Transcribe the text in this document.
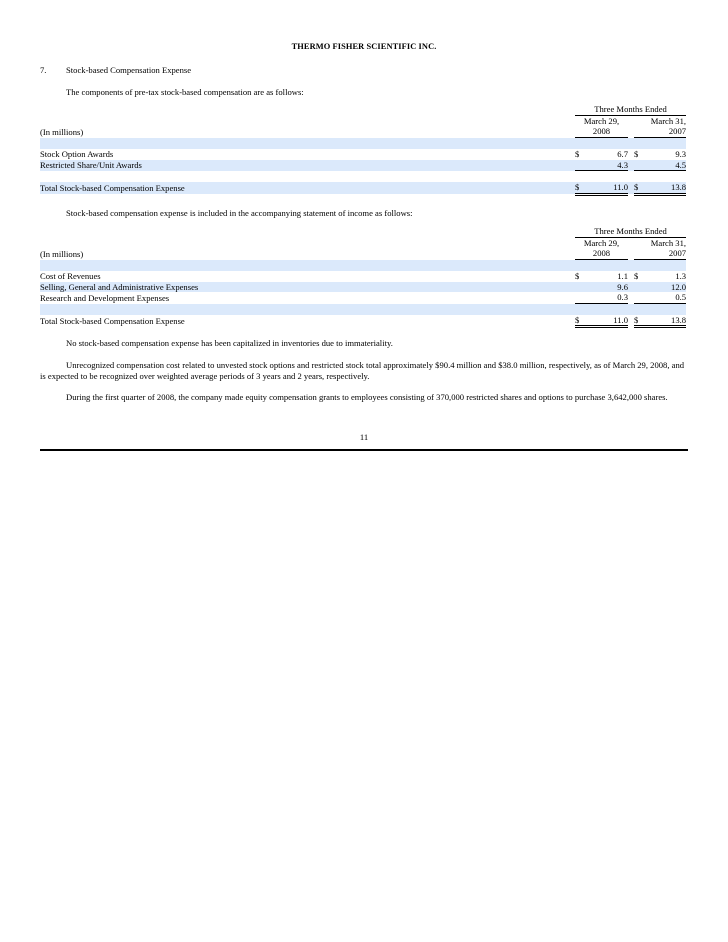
THERMO FISHER SCIENTIFIC INC.
7. Stock-based Compensation Expense
The components of pre-tax stock-based compensation are as follows:
	Three Months Ended				
	March 29,			March 31,	
(In millions)	2008			2007	

Stock Option Awards	$	6.7		$	9.3
Restricted Share/Unit Awards		4.3			4.5

Total Stock-based Compensation Expense	$	11.0		$	13.8
Stock-based compensation expense is included in the accompanying statement of income as follows:
	Three Months Ended				
	March 29,			March 31,	
(In millions)	2008			2007	

Cost of Revenues	$	1.1		$	1.3
Selling, General and Administrative Expenses		9.6			12.0
Research and Development Expenses		0.3			0.5

Total Stock-based Compensation Expense	$	11.0		$	13.8
No stock-based compensation expense has been capitalized in inventories due to immateriality.
Unrecognized compensation cost related to unvested stock options and restricted stock total approximately $90.4 million and $38.0 million, respectively, as of March 29, 2008, and is expected to be recognized over weighted average periods of 3 years and 2 years, respectively.
During the first quarter of 2008, the company made equity compensation grants to employees consisting of 370,000 restricted shares and options to purchase 3,642,000 shares.
11
